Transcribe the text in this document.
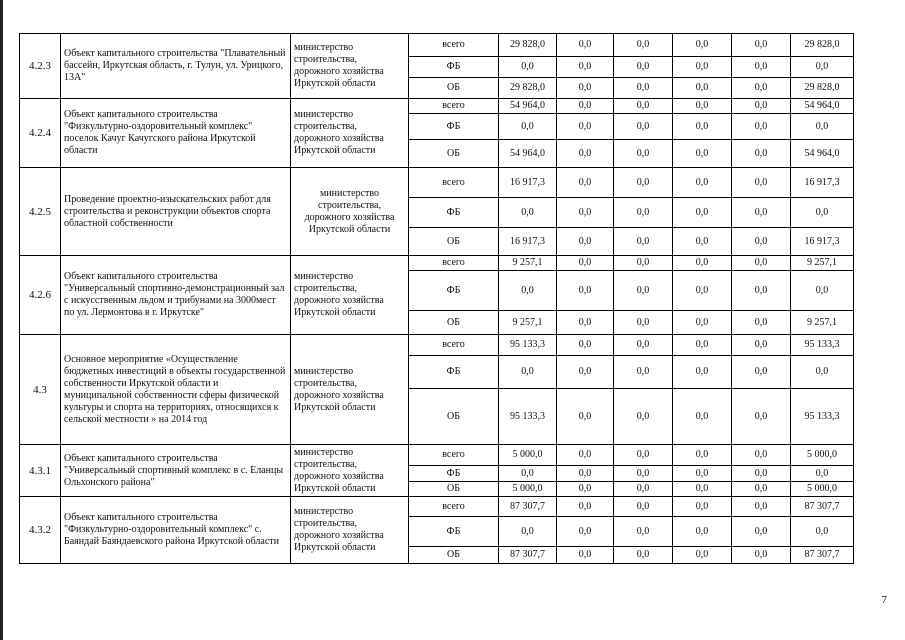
4.2.3	Объект капитального строительства "Плавательный бассейн, Иркутская область, г. Тулун, ул. Урицкого, 13А"	министерство строительства, дорожного хозяйства Иркутской области	всего	29 828,0	0,0	0,0	0,0	0,0	29 828,0
			ФБ	0,0	0,0	0,0	0,0	0,0	0,0
			ОБ	29 828,0	0,0	0,0	0,0	0,0	29 828,0
4.2.4	Объект капитального строительства "Физкультурно-оздоровительный комплекс" поселок Качуг Качугского района Иркутской области	министерство строительства, дорожного хозяйства Иркутской области	всего	54 964,0	0,0	0,0	0,0	0,0	54 964,0
			ФБ	0,0	0,0	0,0	0,0	0,0	0,0
			ОБ	54 964,0	0,0	0,0	0,0	0,0	54 964,0
4.2.5	Проведение проектно-изыскательских работ для строительства и реконструкции объектов спорта областной собственности	министерство строительства, дорожного хозяйства Иркутской области	всего	16 917,3	0,0	0,0	0,0	0,0	16 917,3
			ФБ	0,0	0,0	0,0	0,0	0,0	0,0
			ОБ	16 917,3	0,0	0,0	0,0	0,0	16 917,3
4.2.6	Объект капитального строительства "Универсальный спортивно-демонстрационный зал с искусственным льдом и трибунами на 3000мест по ул. Лермонтова в г. Иркутске"	министерство строительства, дорожного хозяйства Иркутской области	всего	9 257,1	0,0	0,0	0,0	0,0	9 257,1
			ФБ	0,0	0,0	0,0	0,0	0,0	0,0
			ОБ	9 257,1	0,0	0,0	0,0	0,0	9 257,1
4.3	Основное мероприятие «Осуществление бюджетных инвестиций в объекты государственной собственности Иркутской области и муниципальной собственности сферы физической культуры и спорта на территориях, относящихся к сельской местности » на 2014 год	министерство строительства, дорожного хозяйства Иркутской области	всего	95 133,3	0,0	0,0	0,0	0,0	95 133,3
			ФБ	0,0	0,0	0,0	0,0	0,0	0,0
			ОБ	95 133,3	0,0	0,0	0,0	0,0	95 133,3
4.3.1	Объект капитального строительства "Универсальный спортивный комплекс в с. Еланцы Ольхонского района"	министерство строительства, дорожного хозяйства Иркутской области	всего	5 000,0	0,0	0,0	0,0	0,0	5 000,0
			ФБ	0,0	0,0	0,0	0,0	0,0	0,0
			ОБ	5 000,0	0,0	0,0	0,0	0,0	5 000,0
4.3.2	Объект капитального строительства "Физкультурно-оздоровительный комплекс" с. Баяндай Баяндаевского района Иркутской области	министерство строительства, дорожного хозяйства Иркутской области	всего	87 307,7	0,0	0,0	0,0	0,0	87 307,7
			ФБ	0,0	0,0	0,0	0,0	0,0	0,0
			ОБ	87 307,7	0,0	0,0	0,0	0,0	87 307,7
7
